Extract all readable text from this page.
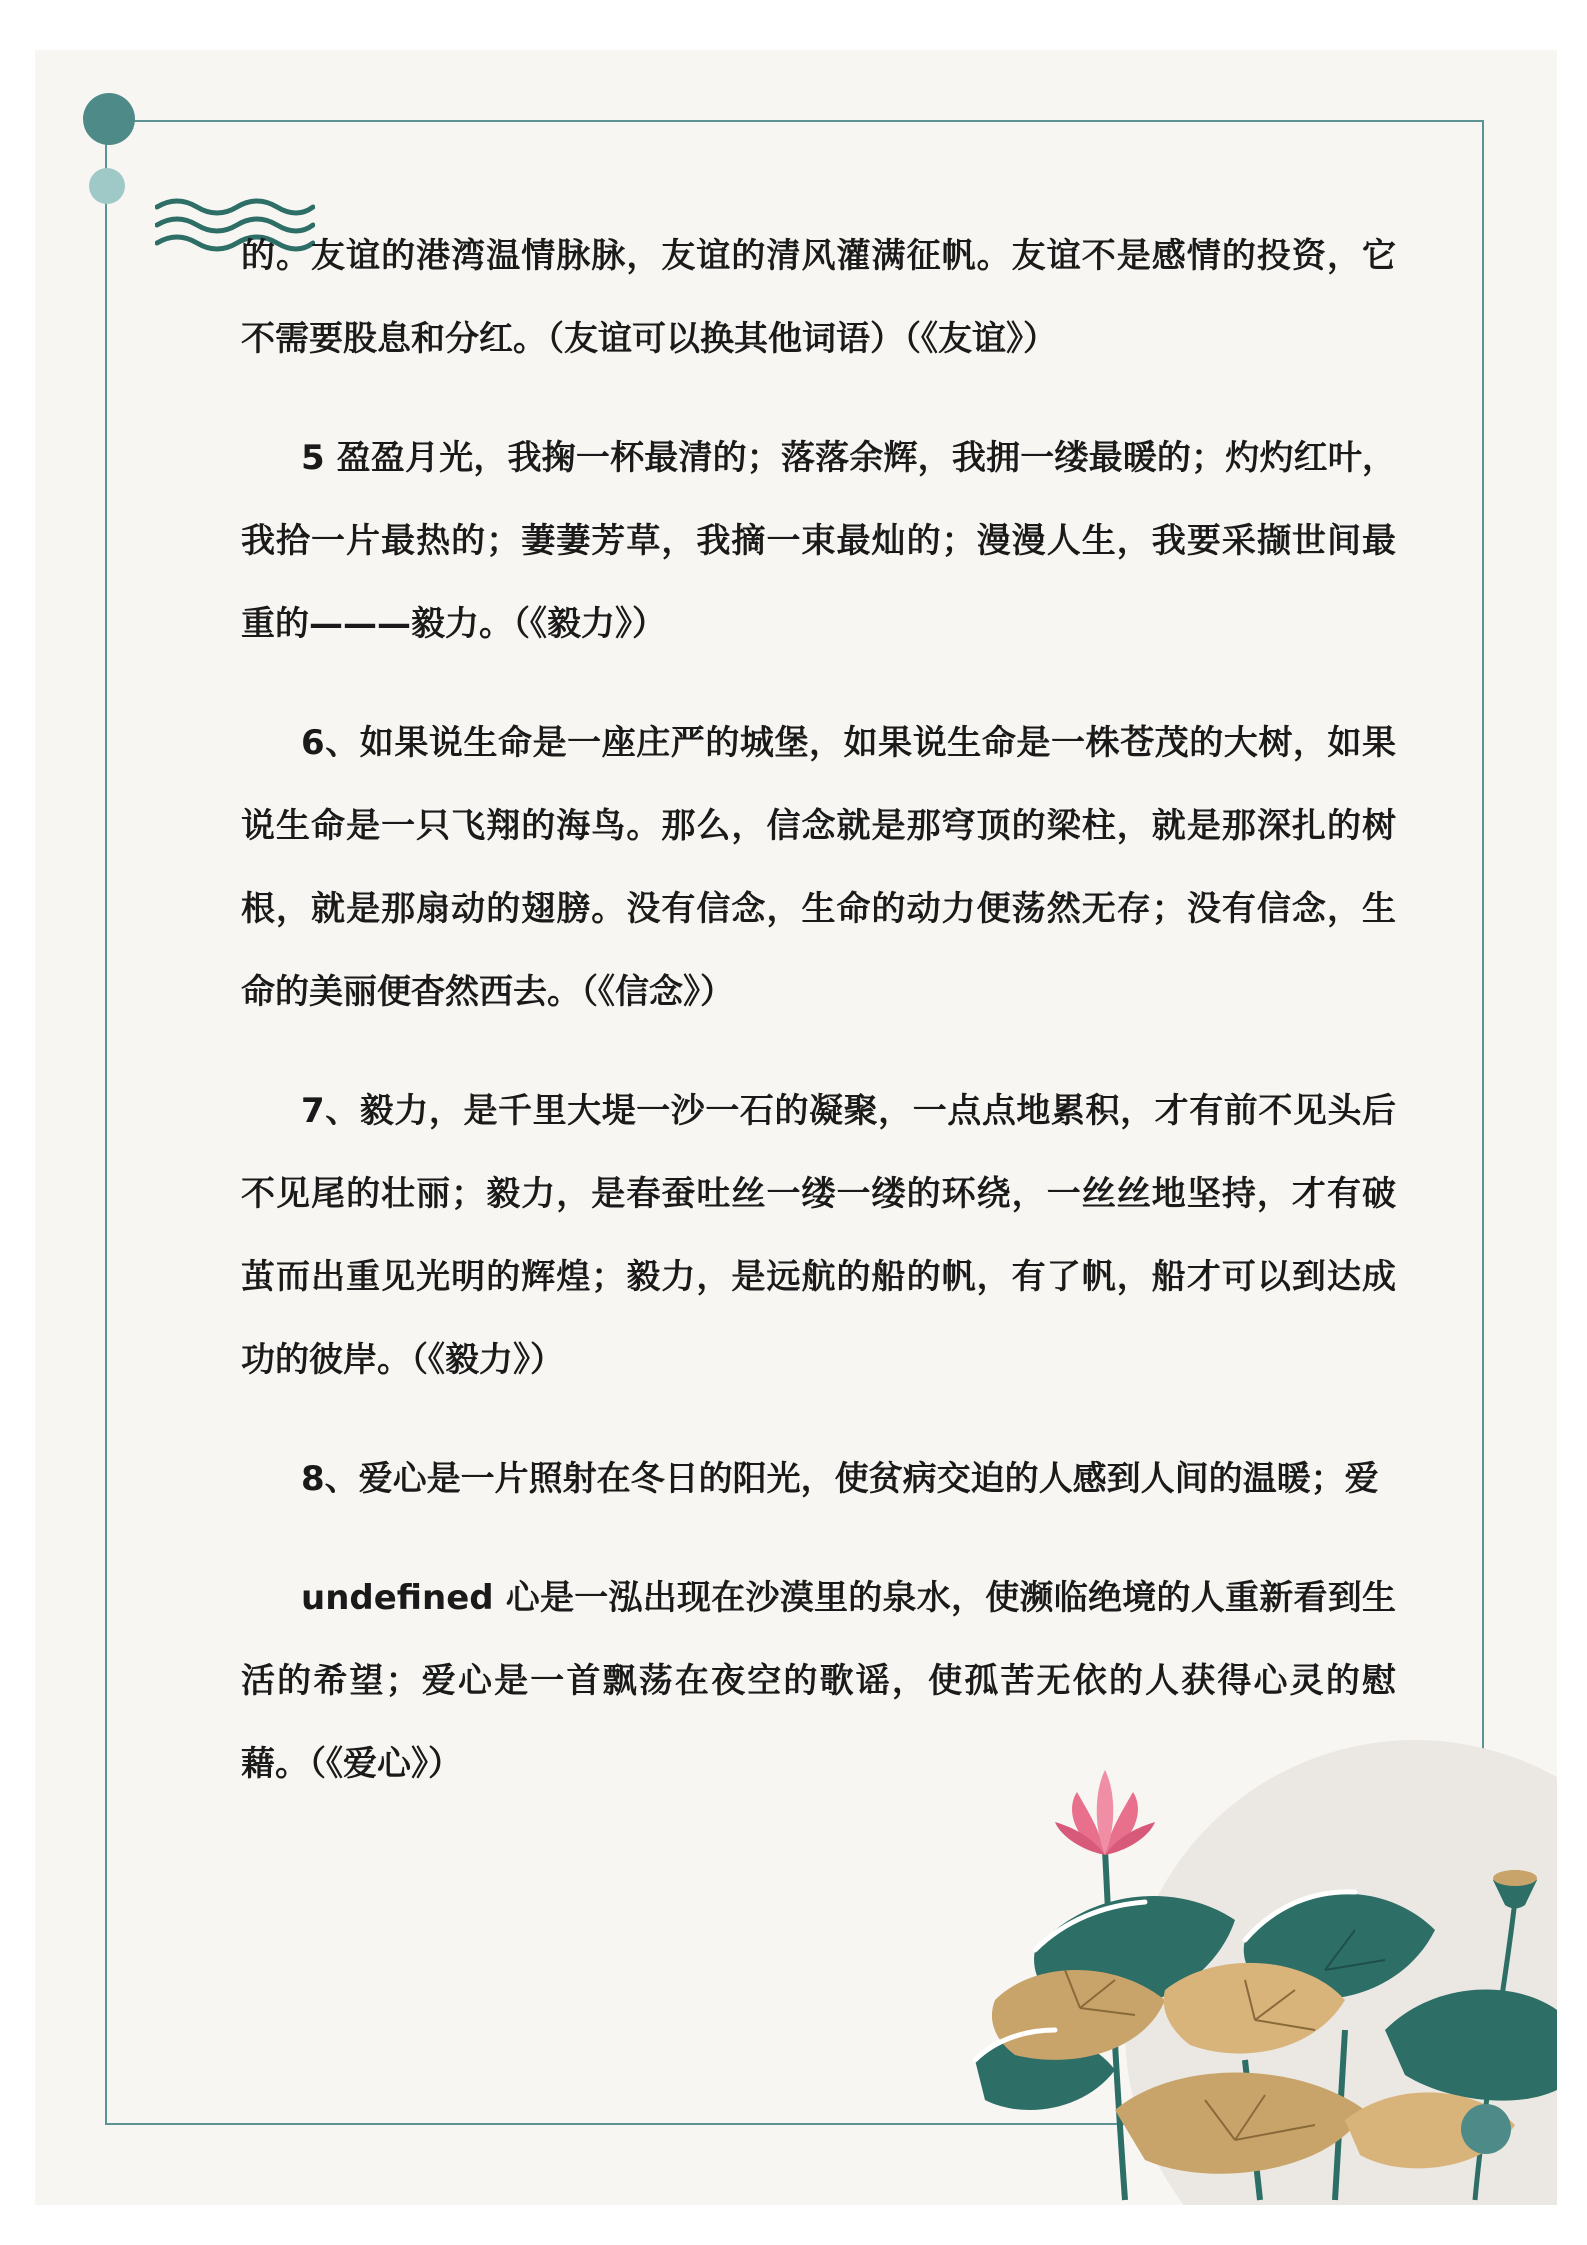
的。友谊的港湾温情脉脉，友谊的清风灌满征帆。友谊不是感情的投资，它不需要股息和分红。（友谊可以换其他词语）（《友谊》）

5 盈盈月光，我掬一杯最清的；落落余辉，我拥一缕最暖的；灼灼红叶，我拾一片最热的；萋萋芳草，我摘一束最灿的；漫漫人生，我要采撷世间最重的———毅力。（《毅力》）

6、如果说生命是一座庄严的城堡，如果说生命是一株苍茂的大树，如果说生命是一只飞翔的海鸟。那么，信念就是那穹顶的梁柱，就是那深扎的树根，就是那扇动的翅膀。没有信念，生命的动力便荡然无存；没有信念，生命的美丽便杳然西去。（《信念》）

7、毅力，是千里大堤一沙一石的凝聚，一点点地累积，才有前不见头后不见尾的壮丽；毅力，是春蚕吐丝一缕一缕的环绕，一丝丝地坚持，才有破茧而出重见光明的辉煌；毅力，是远航的船的帆，有了帆，船才可以到达成功的彼岸。（《毅力》）

8、爱心是一片照射在冬日的阳光，使贫病交迫的人感到人间的温暖；爱

undefined 心是一泓出现在沙漠里的泉水，使濒临绝境的人重新看到生活的希望；爱心是一首飘荡在夜空的歌谣，使孤苦无依的人获得心灵的慰藉。（《爱心》）
